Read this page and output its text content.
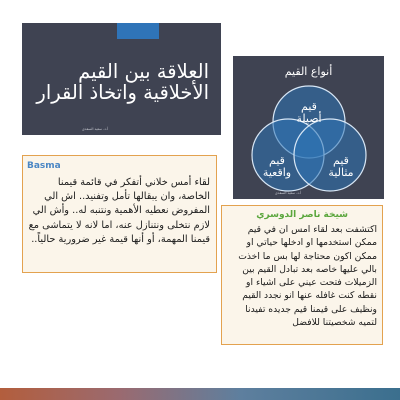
العلاقة بين القيم
الأخلاقية واتخاذ القرار
أ.د. سعيد السعدي
أنواع القيم
قيم
أصيلة
قيم
واقعية
قيم
مثالية
أ.د. سعيد السعدي
Basma
لقاء أمس خلاني أتفكر في قائمة قيمنا الخاصة، وان يبقالها تأمل وتفنيد.. اش الي المفروض نعطيه الأهمية ونتنبه له.. وأش الي لازم نتخلى ونتنازل عنه، اما لانه لا يتماشى مع قيمنا المهمة، أو أنها قيمة غير ضرورية حالياً..
شيخة ناصر الدوسري
اكتشفت بعد لقاء امس ان في قيم ممكن استخدمها او ادخلها حياتي او ممكن اكون محتاجة لها بس ما اخذت بالي عليها خاصه بعد تبادل القيم بين الزميلات فتحت عيني على اشياء او نقطه كنت غافله عنها انو نجدد القيم ونظيف على قيمنا قيم جديده تفيدنا لتميه شخصيتنا للافضل
